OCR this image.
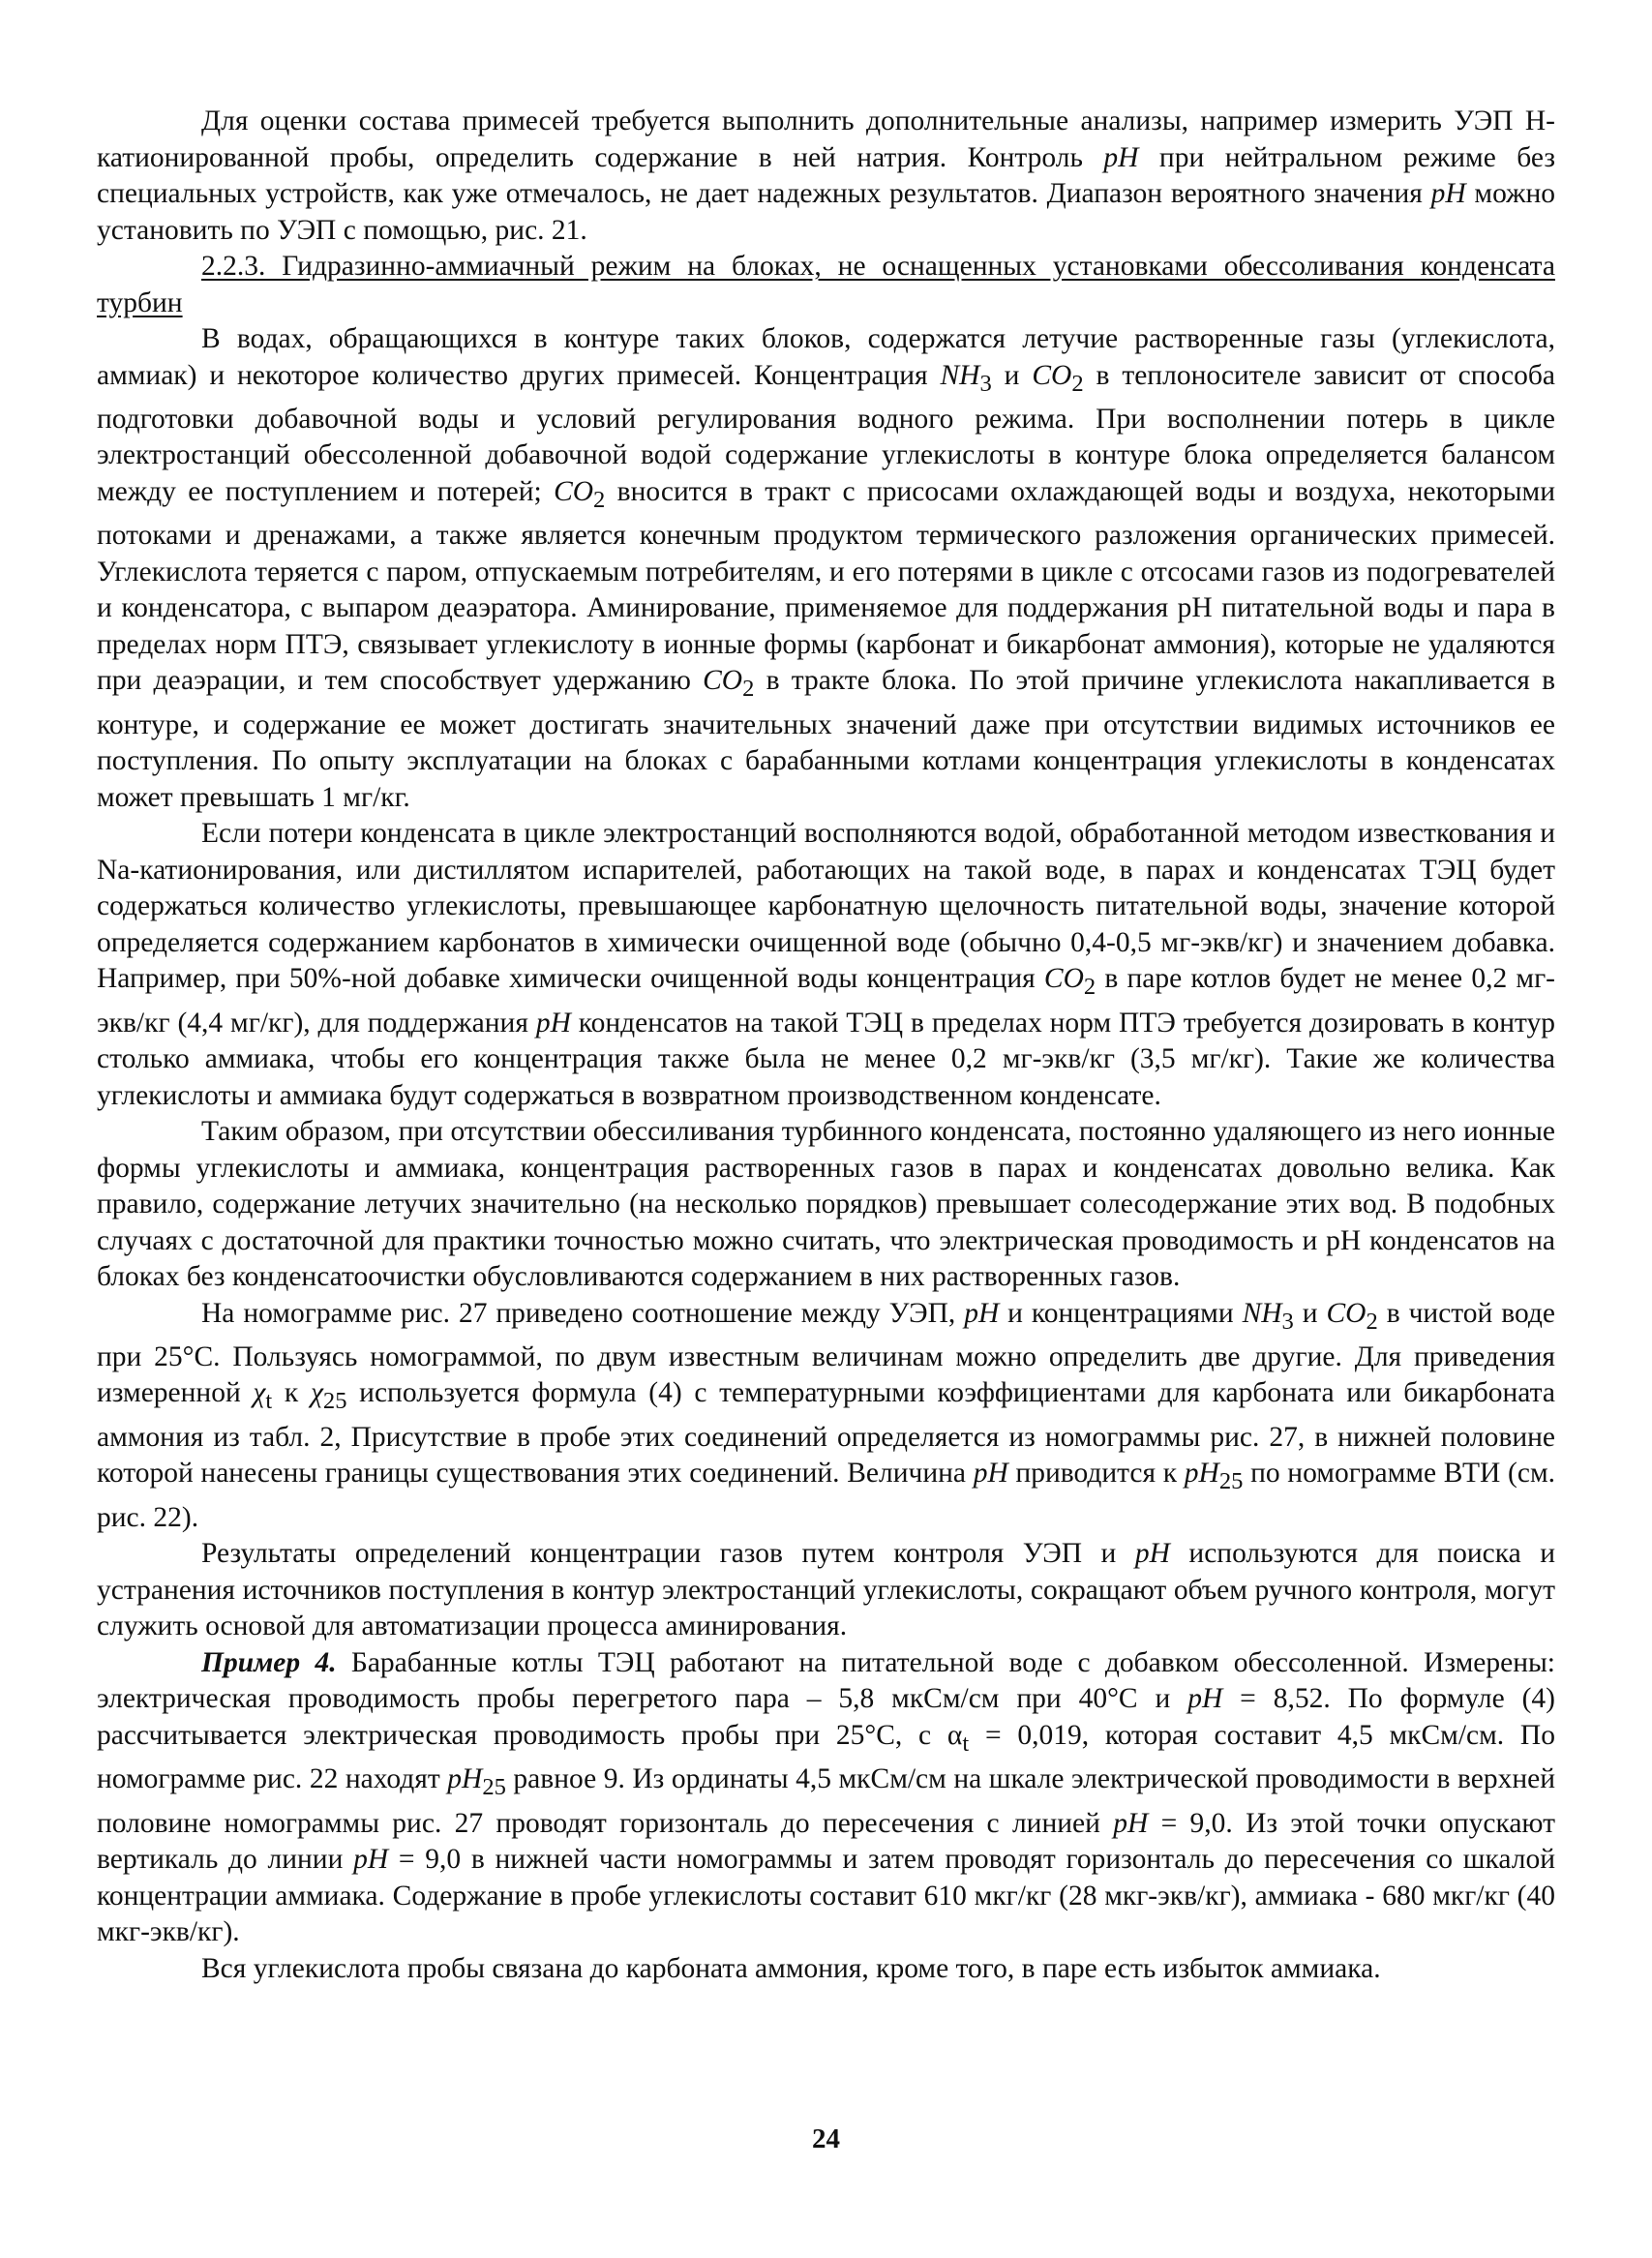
Для оценки состава примесей требуется выполнить дополнительные анализы, например измерить УЭП Н-катионированной пробы, определить содержание в ней натрия. Контроль pH при нейтральном режиме без специальных устройств, как уже отмечалось, не дает надежных результатов. Диапазон вероятного значения pH можно установить по УЭП с помощью, рис. 21.

2.2.3. Гидразинно-аммиачный режим на блоках, не оснащенных установками обессоливания конденсата турбин

В водах, обращающихся в контуре таких блоков, содержатся летучие растворенные газы (углекислота, аммиак) и некоторое количество других примесей. Концентрация $NH_3$ и $CO_2$ в теплоносителе зависит от способа подготовки добавочной воды и условий регулирования водного режима. При восполнении потерь в цикле электростанций обессоленной добавочной водой содержание углекислоты в контуре блока определяется балансом между ее поступлением и потерей; $CO_2$ вносится в тракт с присосами охлаждающей воды и воздуха, некоторыми потоками и дренажами, а также является конечным продуктом термического разложения органических примесей. Углекислота теряется с паром, отпускаемым потребителям, и его потерями в цикле с отсосами газов из подогревателей и конденсатора, с выпаром деаэратора. Аминирование, применяемое для поддержания pH питательной воды и пара в пределах норм ПТЭ, связывает углекислоту в ионные формы (карбонат и бикарбонат аммония), которые не удаляются при деаэрации, и тем способствует удержанию $CO_2$ в тракте блока. По этой причине углекислота накапливается в контуре, и содержание ее может достигать значительных значений даже при отсутствии видимых источников ее поступления. По опыту эксплуатации на блоках с барабанными котлами концентрация углекислоты в конденсатах может превышать 1 мг/кг.

Если потери конденсата в цикле электростанций восполняются водой, обработанной методом известкования и Na-катионирования, или дистиллятом испарителей, работающих на такой воде, в парах и конденсатах ТЭЦ будет содержаться количество углекислоты, превышающее карбонатную щелочность питательной воды, значение которой определяется содержанием карбонатов в химически очищенной воде (обычно 0,4-0,5 мг-экв/кг) и значением добавка. Например, при 50%-ной добавке химически очищенной воды концентрация $CO_2$ в паре котлов будет не менее 0,2 мг-экв/кг (4,4 мг/кг), для поддержания pH конденсатов на такой ТЭЦ в пределах норм ПТЭ требуется дозировать в контур столько аммиака, чтобы его концентрация также была не менее 0,2 мг-экв/кг (3,5 мг/кг). Такие же количества углекислоты и аммиака будут содержаться в возвратном производственном конденсате.

Таким образом, при отсутствии обессиливания турбинного конденсата, постоянно удаляющего из него ионные формы углекислоты и аммиака, концентрация растворенных газов в парах и конденсатах довольно велика. Как правило, содержание летучих значительно (на несколько порядков) превышает солесодержание этих вод. В подобных случаях с достаточной для практики точностью можно считать, что электрическая проводимость и pH конденсатов на блоках без конденсатоочистки обусловливаются содержанием в них растворенных газов.

На номограмме рис. 27 приведено соотношение между УЭП, pH и концентрациями $NH_3$ и $CO_2$ в чистой воде при 25°С. Пользуясь номограммой, по двум известным величинам можно определить две другие. Для приведения измеренной $\chi_t$ к $\chi_{25}$ используется формула (4) с температурными коэффициентами для карбоната или бикарбоната аммония из табл. 2, Присутствие в пробе этих соединений определяется из номограммы рис. 27, в нижней половине которой нанесены границы существования этих соединений. Величина pH приводится к $pH_{25}$ по номограмме ВТИ (см. рис. 22).

Результаты определений концентрации газов путем контроля УЭП и pH используются для поиска и устранения источников поступления в контур электростанций углекислоты, сокращают объем ручного контроля, могут служить основой для автоматизации процесса аминирования.

Пример 4. Барабанные котлы ТЭЦ работают на питательной воде с добавком обессоленной. Измерены: электрическая проводимость пробы перегретого пара – 5,8 мкСм/см при 40°С и pH = 8,52. По формуле (4) рассчитывается электрическая проводимость пробы при 25°С, с $\alpha_t = 0,019$, которая составит 4,5 мкСм/см. По номограмме рис. 22 находят $pH_{25}$ равное 9. Из ординаты 4,5 мкСм/см на шкале электрической проводимости в верхней половине номограммы рис. 27 проводят горизонталь до пересечения с линией pH = 9,0. Из этой точки опускают вертикаль до линии pH = 9,0 в нижней части номограммы и затем проводят горизонталь до пересечения со шкалой концентрации аммиака. Содержание в пробе углекислоты составит 610 мкг/кг (28 мкг-экв/кг), аммиака - 680 мкг/кг (40 мкг-экв/кг).

Вся углекислота пробы связана до карбоната аммония, кроме того, в паре есть избыток аммиака.

24
